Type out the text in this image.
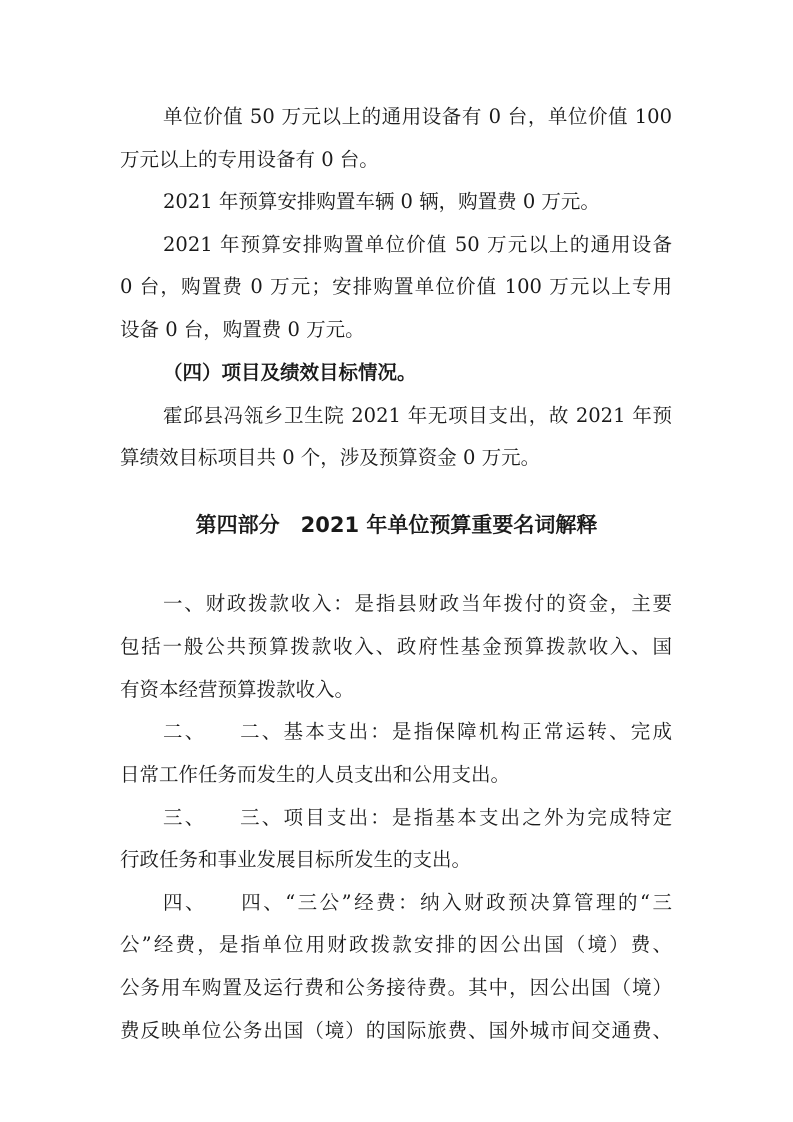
单位价值 50 万元以上的通用设备有 0 台，单位价值 100
万元以上的专用设备有 0 台。
2021 年预算安排购置车辆 0 辆，购置费 0 万元。
2021 年预算安排购置单位价值 50 万元以上的通用设备
0 台，购置费 0 万元；安排购置单位价值 100 万元以上专用
设备 0 台，购置费 0 万元。
（四）项目及绩效目标情况。
霍邱县冯瓴乡卫生院 2021 年无项目支出，故 2021 年预
算绩效目标项目共 0 个，涉及预算资金 0 万元。
第四部分　2021 年单位预算重要名词解释
一、财政拨款收入：是指县财政当年拨付的资金，主要
包括一般公共预算拨款收入、政府性基金预算拨款收入、国
有资本经营预算拨款收入。
二、　　二、基本支出：是指保障机构正常运转、完成
日常工作任务而发生的人员支出和公用支出。
三、　　三、项目支出：是指基本支出之外为完成特定
行政任务和事业发展目标所发生的支出。
四、　　四、“三公”经费：纳入财政预决算管理的“三
公”经费，是指单位用财政拨款安排的因公出国（境）费、
公务用车购置及运行费和公务接待费。其中，因公出国（境）
费反映单位公务出国（境）的国际旅费、国外城市间交通费、
